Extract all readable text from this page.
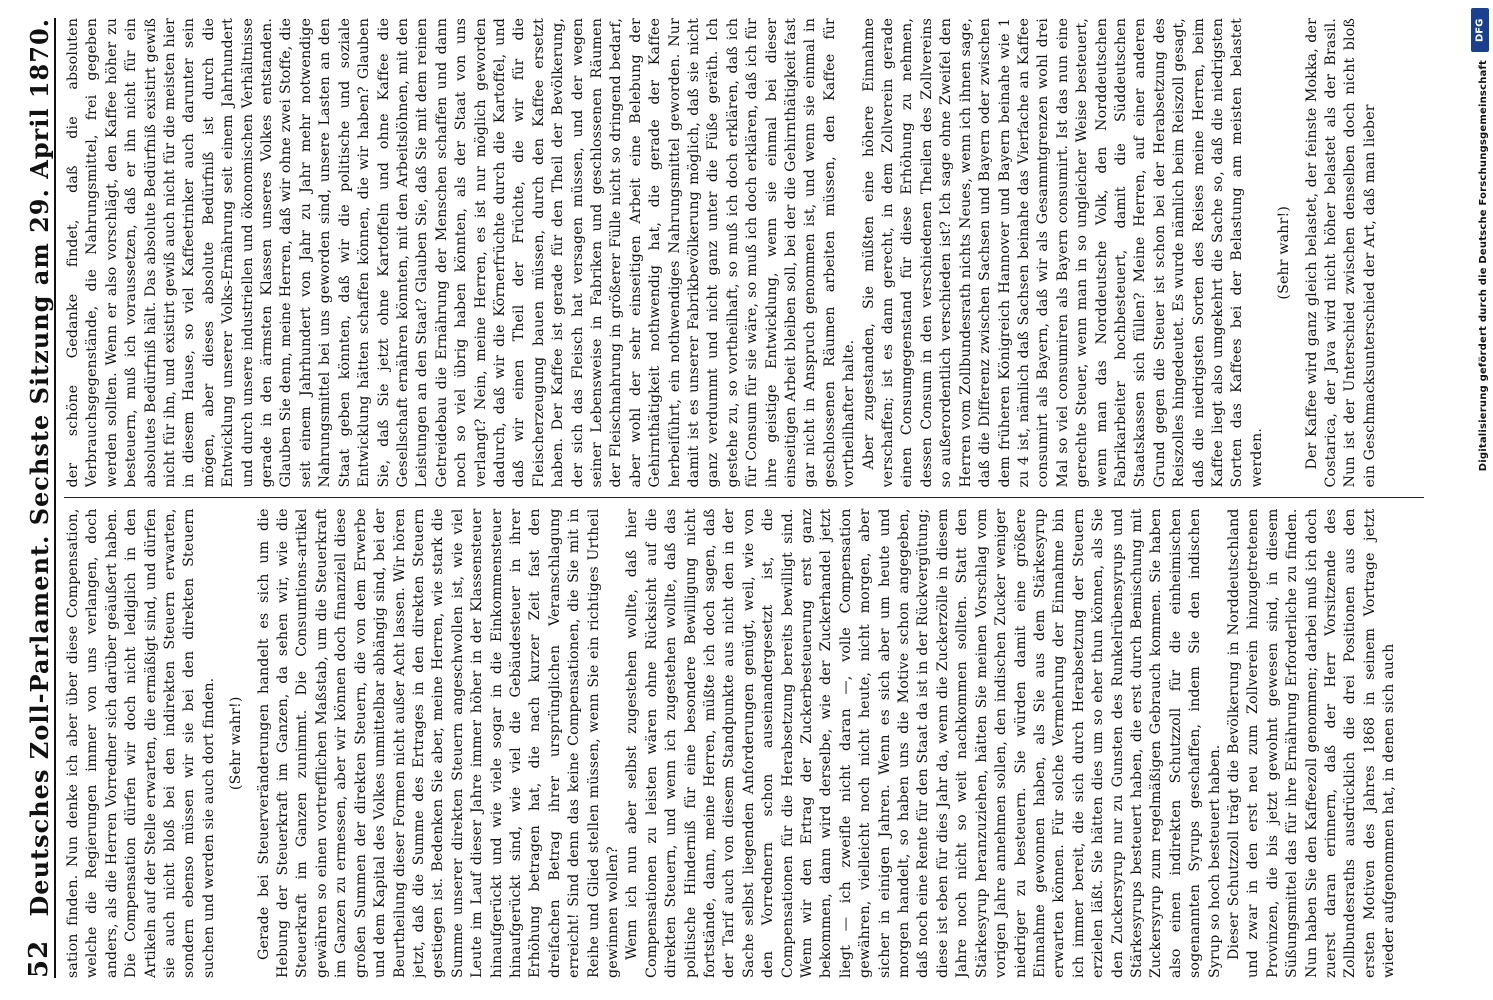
52
Deutsches Zoll-Parlament. Sechste Sitzung am 29. April 1870. sation finden. Nun denke ich aber über diese Compensation, welche die Regierungen immer von uns verlangen, doch anders, als die Herren Vorredner sich darüber geäußert haben. Die Compensation dürfen wir doch nicht lediglich in den Artikeln auf der Stelle erwarten, die ermäßigt sind, und dürfen sie auch nicht bloß bei den indirekten Steuern erwarten, sondern ebenso müssen wir sie bei den direkten Steuern suchen und werden sie auch dort finden. (Sehr wahr!) Gerade bei Steuerveränderungen handelt es sich um die Hebung der Steuerkraft im Ganzen, da sehen wir, wie die Steuerkraft im Ganzen zunimmt. Die Consumtions-artikel gewähren so einen vortrefflichen Maßstab, um die Steuerkraft im Ganzen zu ermessen, aber wir können doch finanziell diese großen Summen der direkten Steuern, die von dem Erwerbe und dem Kapital des Volkes unmittelbar abhängig sind, bei der Beurtheilung dieser Formen nicht außer Acht lassen. Wir hören jetzt, daß die Summe des Ertrages in den direkten Steuern gestiegen ist. Bedenken Sie aber, meine Herren, wie stark die Summe unserer direkten Steuern angeschwollen ist, wie viel Leute im Lauf dieser Jahre immer höher in der Klassensteuer hinaufgerückt und wie viele sogar in die Einkommensteuer hinaufgerückt sind, wie viel die Gebäudesteuer in ihrer Erhöhung betragen hat, die nach kurzer Zeit fast den dreifachen Betrag ihrer ursprünglichen Veranschlagung erreicht! Sind denn das keine Compensationen, die Sie mit in Reihe und Glied stellen müssen, wenn Sie ein richtiges Urtheil gewinnen wollen? Wenn ich nun aber selbst zugestehen wollte, daß hier Compensationen zu leisten wären ohne Rücksicht auf die direkten Steuern, und wenn ich zugestehen wollte, daß das politische Hinderniß für eine besondere Bewilligung nicht fortstände, dann, meine Herren, müßte ich doch sagen, daß der Tarif auch von diesem Standpunkte aus nicht den in der Sache selbst liegenden Anforderungen genügt, weil, wie von den Vorrednern schon auseinandergesetzt ist, die Compensationen für die Herabsetzung bereits bewilligt sind. Wenn wir den Ertrag der Zuckerbesteuerung erst ganz bekommen, dann wird derselbe, wie der Zuckerhandel jetzt liegt — ich zweifle nicht daran —, volle Compensation gewähren, vielleicht noch nicht heute, nicht morgen, aber sicher in einigen Jahren. Wenn es sich aber um heute und morgen handelt, so haben uns die Motive schon angegeben, daß noch eine Rente für den Staat da ist in der Rückvergütung; diese ist eben für dies Jahr da, wenn die Zuckerzölle in diesem Jahre noch nicht so weit nachkommen sollten. Statt den Stärkesyrup heranzuziehen, hätten Sie meinen Vorschlag vom vorigen Jahre annehmen sollen, den indischen Zucker weniger niedriger zu besteuern. Sie würden damit eine größere Einnahme gewonnen haben, als Sie aus dem Stärkesyrup erwarten können. Für solche Vermehrung der Einnahme bin ich immer bereit, die sich durch Herabsetzung der Steuern erzielen läßt. Sie hätten dies um so eher thun können, als Sie den Zuckersyrup nur zu Gunsten des Runkelrübensyrups und Stärkesyrups besteuert haben, die erst durch Bemischung mit Zuckersyrup zum regelmäßigen Gebrauch kommen. Sie haben also einen indirekten Schutzzoll für die einheimischen sogenannten Syrups geschaffen, indem Sie den indischen Syrup so hoch besteuert haben. Dieser Schutzzoll trägt die Bevölkerung in Norddeutschland und zwar in den erst neu zum Zollverein hinzugetretenen Provinzen, die bis jetzt gewohnt gewesen sind, in diesem Süßungsmittel das für ihre Ernährung Erforderliche zu finden. Nun haben Sie den Kaffeezoll genommen; darbei muß ich doch zuerst daran erinnern, daß der Herr Vorsitzende des Zollbundesraths ausdrücklich die drei Positionen aus den ersten Motiven des Jahres 1868 in seinem Vortrage jetzt wieder aufgenommen hat, in denen sich auch

der schöne Gedanke findet, daß die absoluten Verbrauchsgegenstände, die Nahrungsmittel, frei gegeben werden sollten. Wenn er also vorschlägt, den Kaffee höher zu besteuern, muß ich voraussetzen, daß er ihn nicht für ein absolutes Bedürfniß hält. Das absolute Bedürfniß existirt gewiß nicht für ihn, und existirt gewiß auch nicht für die meisten hier in diesem Hause, so viel Kaffeetrinker auch darunter sein mögen, aber dieses absolute Bedürfniß ist durch die Entwicklung unserer Volks-Ernährung seit einem Jahrhundert und durch unsere industriellen und ökonomischen Verhältnisse gerade in den ärmsten Klassen unseres Volkes entstanden. Glauben Sie denn, meine Herren, daß wir ohne zwei Stoffe, die seit einem Jahrhundert von Jahr zu Jahr mehr notwendige Nahrungsmittel bei uns geworden sind, unsere Lasten an den Staat geben könnten, daß wir die politische und soziale Entwicklung hätten schaffen können, die wir haben? Glauben Sie, daß Sie jetzt ohne Kartoffeln und ohne Kaffee die Gesellschaft ernähren könnten, mit den Arbeitslöhnen, mit den Leistungen an den Staat? Glauben Sie, daß Sie mit dem reinen Getreidebau die Ernährung der Menschen schaffen und dann noch so viel übrig haben könnten, als der Staat von uns verlangt? Nein, meine Herren, es ist nur möglich geworden dadurch, daß wir die Körnerfrüchte durch die Kartoffel, und daß wir einen Theil der Früchte, die wir für die Fleischerzeugung bauen müssen, durch den Kaffee ersetzt haben. Der Kaffee ist gerade für den Theil der Bevölkerung, der sich das Fleisch hat versagen müssen, und der wegen seiner Lebensweise in Fabriken und geschlossenen Räumen der Fleischnahrung in größerer Fülle nicht so dringend bedarf, aber wohl der sehr einseitigen Arbeit eine Belebung der Gehirnthätigkeit nothwendig hat, die gerade der Kaffee herbeiführt, ein nothwendiges Nahrungsmittel geworden. Nur damit ist es unserer Fabrikbevölkerung möglich, daß sie nicht ganz verdummt und nicht ganz unter die Füße geräth. Ich gestehe zu, so vortheilhaft, so muß ich doch erklären, daß ich für Consum für sie wäre, so muß ich doch erklären, daß ich für ihre geistige Entwicklung, wenn sie einmal bei dieser einseitigen Arbeit bleiben soll, bei der die Gehirnthätigkeit fast gar nicht in Anspruch genommen ist, und wenn sie einmal in geschlossenen Räumen arbeiten müssen, den Kaffee für vortheilhafter halte. Aber zugestanden, Sie müßten eine höhere Einnahme verschaffen; ist es dann gerecht, in dem Zollverein gerade einen Consumgegenstand für diese Erhöhung zu nehmen, dessen Consum in den verschiedenen Theilen des Zollvereins so außerordentlich verschieden ist? Ich sage ohne Zweifel den Herren vom Zollbundesrath nichts Neues, wenn ich ihnen sage, daß die Differenz zwischen Sachsen und Bayern oder zwischen dem früheren Königreich Hannover und Bayern beinahe wie 1 zu 4 ist, nämlich daß Sachsen beinahe das Vierfache an Kaffee consumirt als Bayern, daß wir als Gesammtgrenzen wohl drei Mal so viel consumiren als Bayern consumirt. Ist das nun eine gerechte Steuer, wenn man in so ungleicher Weise besteuert, wenn man das Norddeutsche Volk, den Norddeutschen Fabrikarbeiter hochbesteuert, damit die Süddeutschen Staatskassen sich füllen? Meine Herren, auf einer anderen Grund gegen die Steuer ist schon bei der Herabsetzung des Reiszolles hingedeutet. Es wurde nämlich beim Reiszoll gesagt, daß die niedrigsten Sorten des Reises meine Herren, beim Kaffee liegt also umgekehrt die Sache so, daß die niedrigsten Sorten das Kaffees bei der Belastung am meisten belastet werden.

(Sehr wahr!) Der Kaffee wird ganz gleich belastet, der feinste Mokka, der Costarica, der Java wird nicht höher belastet als der Brasil. Nun ist der Unterschied zwischen denselben doch nicht bloß ein Geschmacksunterschied der Art, daß man lieber

DFG
Digitalisierung gefördert durch die Deutsche Forschungsgemeinschaft
